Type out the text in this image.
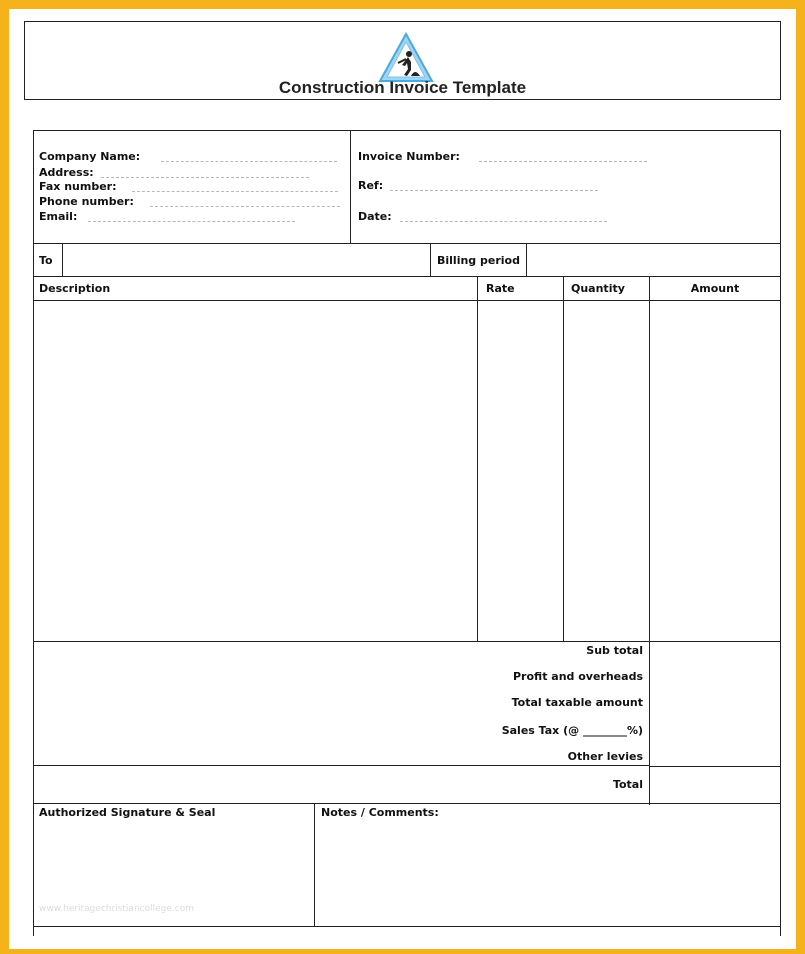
Construction Invoice Template
Company Name:
Address:
Fax number:
Phone number:
Email:
Invoice Number:
Ref:
Date:
To	Billing period
Description	Rate	Quantity	Amount
Sub total
Profit and overheads
Total taxable amount
Sales Tax (@ ________%)
Other levies
Total
Authorized Signature & Seal	Notes / Comments:
www.heritagechristiancollege.com
